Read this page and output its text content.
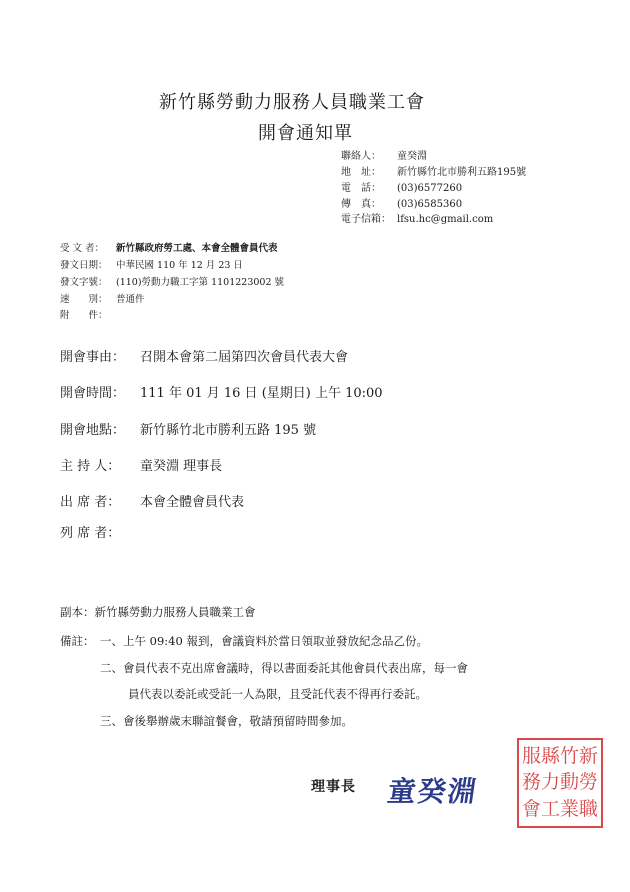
新竹縣勞動力服務人員職業工會
開會通知單
聯絡人： 童癸淵
地　址： 新竹縣竹北市勝利五路195號
電　話： (03)6577260
傳　真： (03)6585360
電子信箱： lfsu.hc@gmail.com
受 文 者： 新竹縣政府勞工處、本會全體會員代表
發文日期： 中華民國 110 年 12 月 23 日
發文字號： (110)勞動力職工字第 1101223002 號
速　　別： 普通件
附　　件：
開會事由： 召開本會第二屆第四次會員代表大會
開會時間： 111 年 01 月 16 日 (星期日) 上午 10:00
開會地點： 新竹縣竹北市勝利五路 195 號
主 持 人： 童癸淵 理事長
出 席 者： 本會全體會員代表
列 席 者：
副本：新竹縣勞動力服務人員職業工會
備註： 一、上午 09:40 報到，會議資料於當日領取並發放紀念品乙份。
二、會員代表不克出席會議時，得以書面委託其他會員代表出席，每一會
員代表以委託或受託一人為限，且受託代表不得再行委託。
三、會後舉辦歲末聯誼餐會，敬請預留時間參加。
理事長 童癸淵
服 縣 竹 新
務 力 動 勞
會 工 業 職
